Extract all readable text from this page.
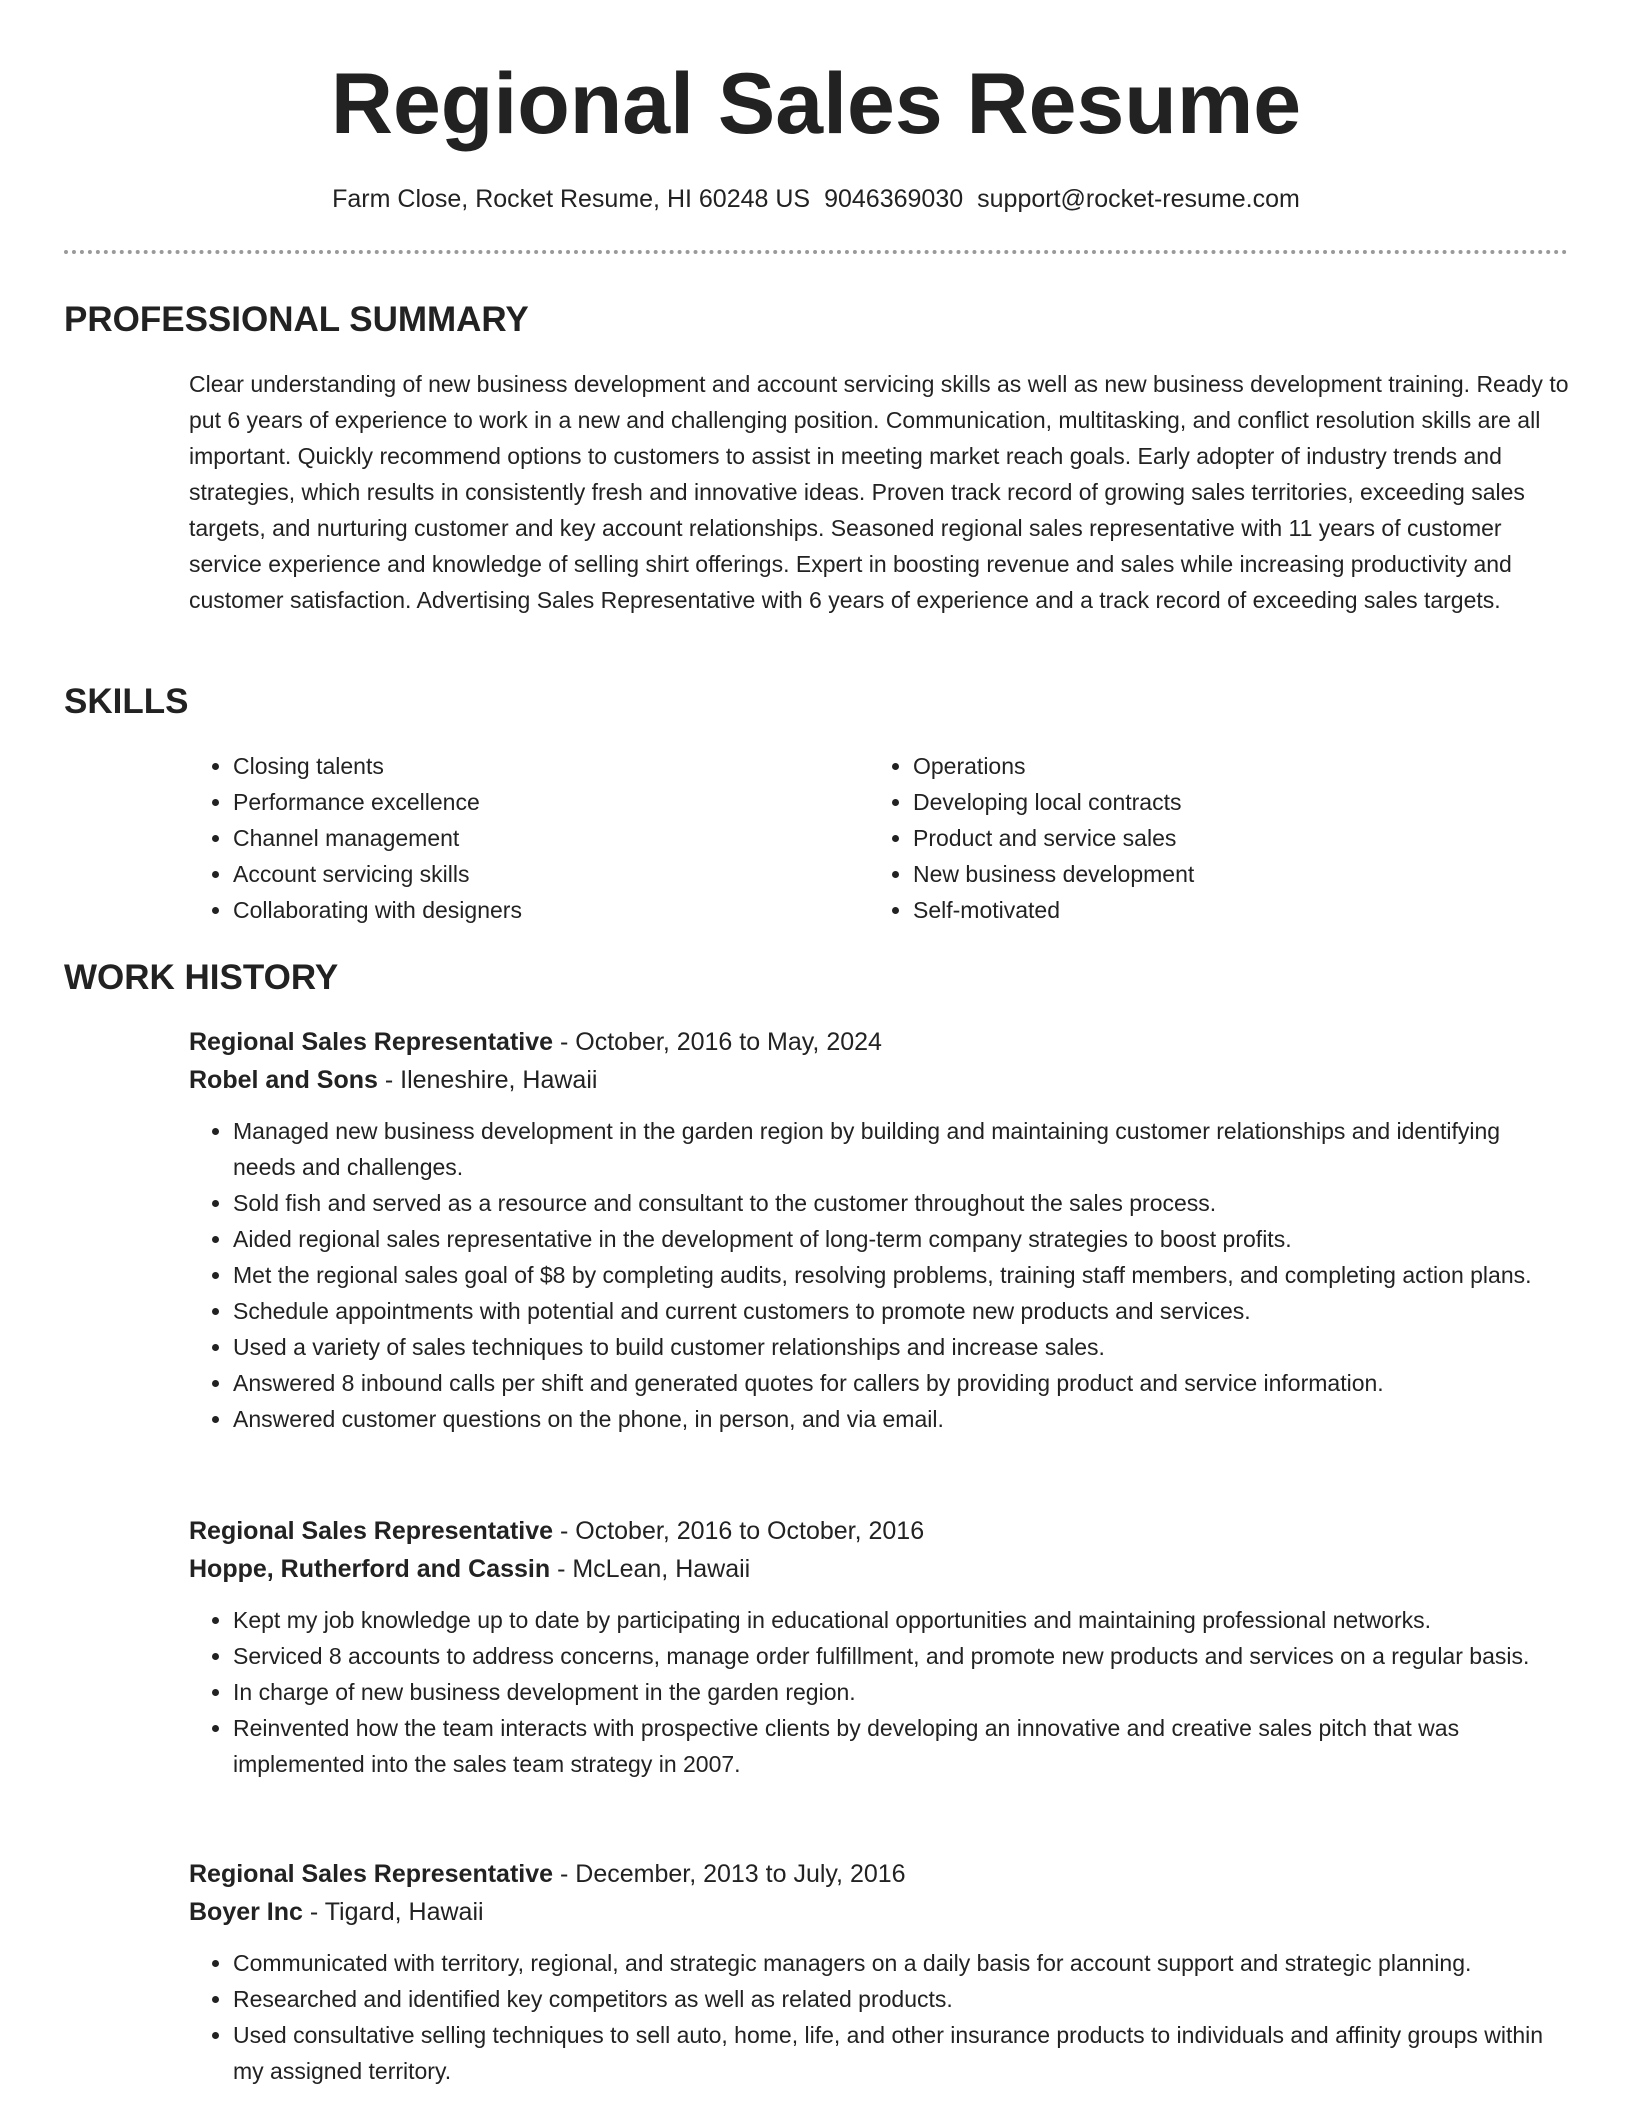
Regional Sales Resume
Farm Close, Rocket Resume, HI 60248 US 9046369030 support@rocket-resume.com
PROFESSIONAL SUMMARY

Clear understanding of new business development and account servicing skills as well as new business development training. Ready to put 6 years of experience to work in a new and challenging position. Communication, multitasking, and conflict resolution skills are all important. Quickly recommend options to customers to assist in meeting market reach goals. Early adopter of industry trends and strategies, which results in consistently fresh and innovative ideas. Proven track record of growing sales territories, exceeding sales targets, and nurturing customer and key account relationships. Seasoned regional sales representative with 11 years of customer service experience and knowledge of selling shirt offerings. Expert in boosting revenue and sales while increasing productivity and customer satisfaction. Advertising Sales Representative with 6 years of experience and a track record of exceeding sales targets.

SKILLS
• Closing talents
• Performance excellence
• Channel management
• Account servicing skills
• Collaborating with designers
• Operations
• Developing local contracts
• Product and service sales
• New business development
• Self-motivated
WORK HISTORY
Regional Sales Representative - October, 2016 to May, 2024
Robel and Sons - Ileneshire, Hawaii
• Managed new business development in the garden region by building and maintaining customer relationships and identifying needs and challenges.
• Sold fish and served as a resource and consultant to the customer throughout the sales process.
• Aided regional sales representative in the development of long-term company strategies to boost profits.
• Met the regional sales goal of $8 by completing audits, resolving problems, training staff members, and completing action plans.
• Schedule appointments with potential and current customers to promote new products and services.
• Used a variety of sales techniques to build customer relationships and increase sales.
• Answered 8 inbound calls per shift and generated quotes for callers by providing product and service information.
• Answered customer questions on the phone, in person, and via email.
Regional Sales Representative - October, 2016 to October, 2016
Hoppe, Rutherford and Cassin - McLean, Hawaii
• Kept my job knowledge up to date by participating in educational opportunities and maintaining professional networks.
• Serviced 8 accounts to address concerns, manage order fulfillment, and promote new products and services on a regular basis.
• In charge of new business development in the garden region.
• Reinvented how the team interacts with prospective clients by developing an innovative and creative sales pitch that was implemented into the sales team strategy in 2007.
Regional Sales Representative - December, 2013 to July, 2016
Boyer Inc - Tigard, Hawaii
• Communicated with territory, regional, and strategic managers on a daily basis for account support and strategic planning.
• Researched and identified key competitors as well as related products.
• Used consultative selling techniques to sell auto, home, life, and other insurance products to individuals and affinity groups within my assigned territory.
